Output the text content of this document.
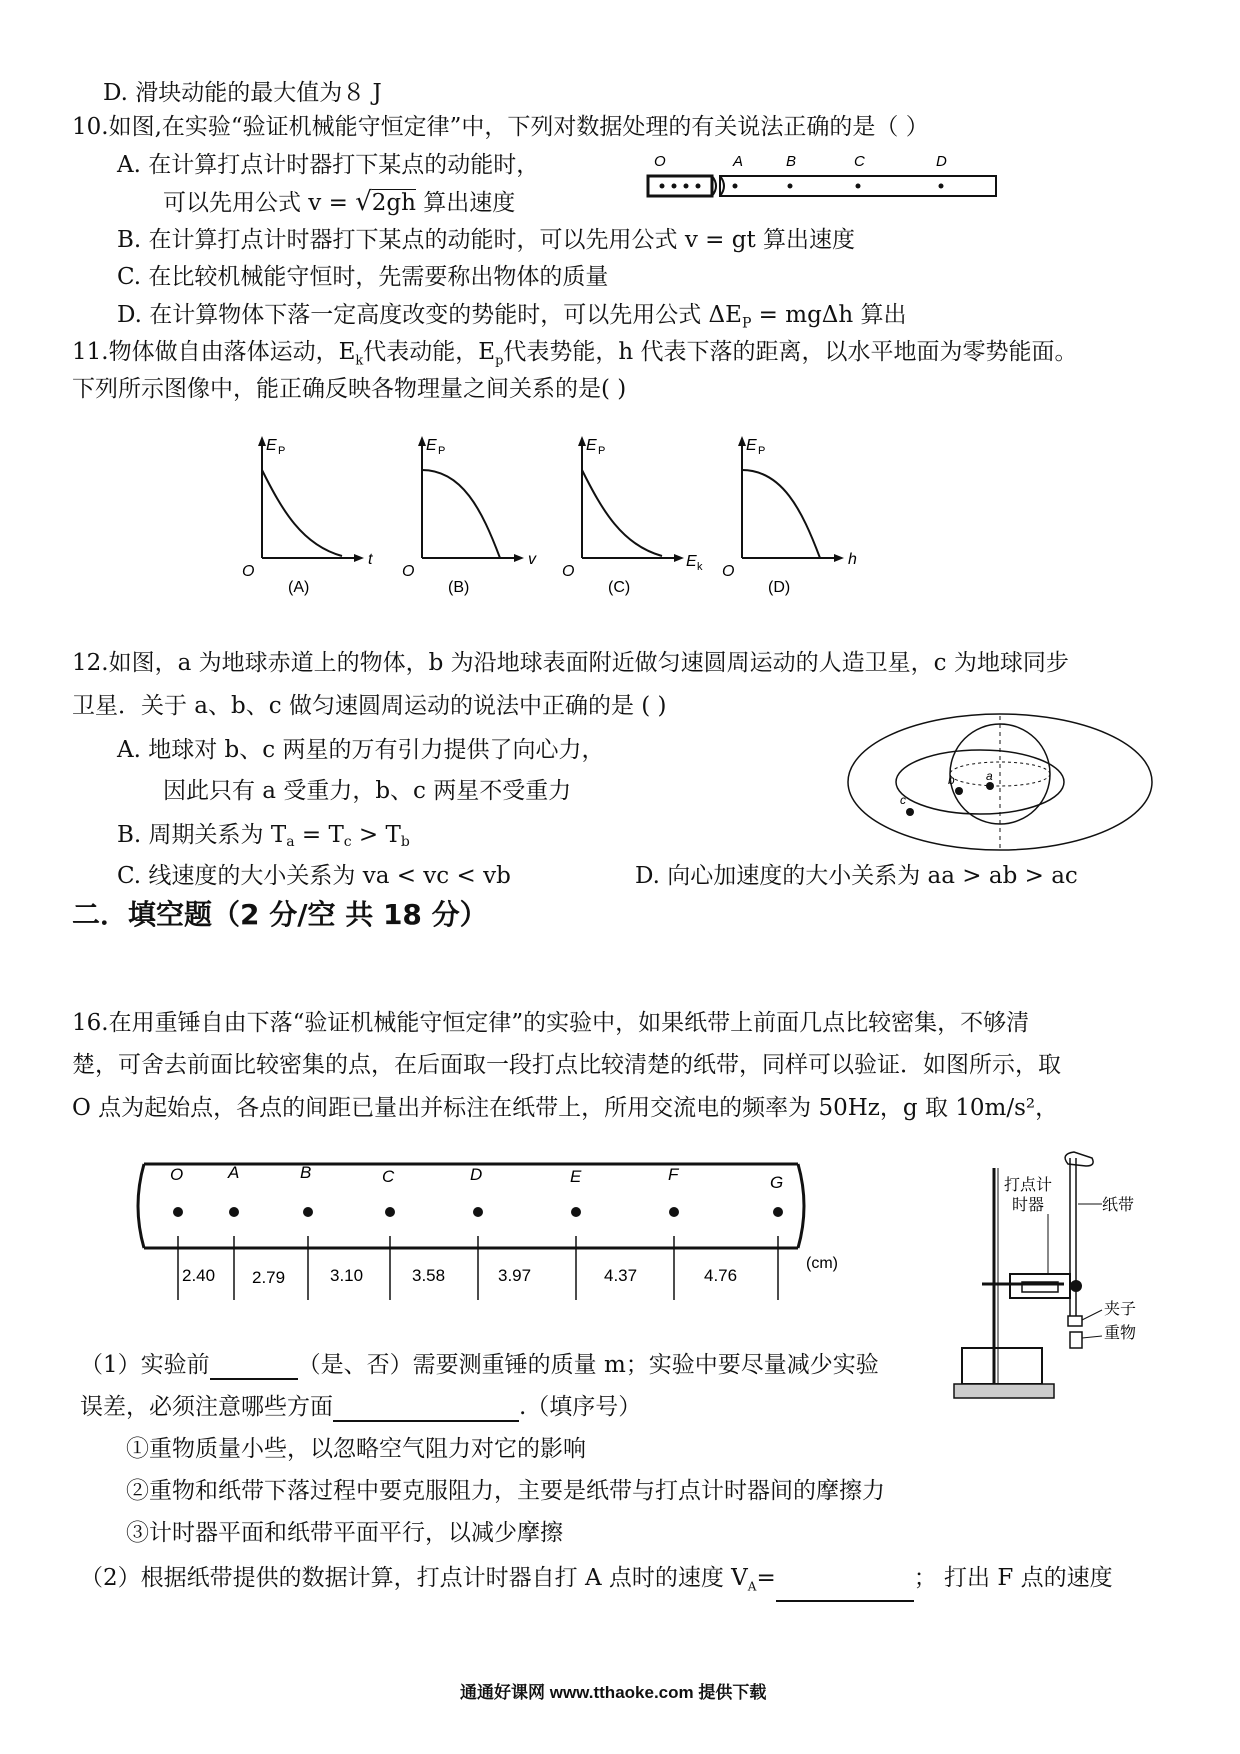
D. 滑块动能的最大值为８ J
10.如图,在实验“验证机械能守恒定律”中，下列对数据处理的有关说法正确的是（ ）
A. 在计算打点计时器打下某点的动能时，
可以先用公式 v = √2gh 算出速度
B. 在计算打点计时器打下某点的动能时，可以先用公式 v = gt 算出速度
C. 在比较机械能守恒时，先需要称出物体的质量
D. 在计算物体下落一定高度改变的势能时，可以先用公式 $\Delta E_P = mg\Delta h$ 算出
O	A	B	C	D
11.物体做自由落体运动，$E_k$代表动能，$E_p$代表势能，h 代表下落的距离，以水平地面为零势能面。
下列所示图像中，能正确反映各物理量之间关系的是( )
E P
O
t
(A)
E P
O
v
(B)
E P
O
E k
(C)
E P
O
h
(D)
12.如图，a 为地球赤道上的物体，b 为沿地球表面附近做匀速圆周运动的人造卫星，c 为地球同步
卫星．关于 a、b、c 做匀速圆周运动的说法中正确的是 ( )
A. 地球对 b、c 两星的万有引力提供了向心力，
因此只有 a 受重力，b、c 两星不受重力
B. 周期关系为 Ta = Tc > Tb
C. 线速度的大小关系为 va < vc < vb	D. 向心加速度的大小关系为 aa > ab > ac
a
b
c
二．填空题（2 分/空 共 18 分）
16.在用重锤自由下落“验证机械能守恒定律”的实验中，如果纸带上前面几点比较密集，不够清
楚，可舍去前面比较密集的点，在后面取一段打点比较清楚的纸带，同样可以验证．如图所示，取
O 点为起始点，各点的间距已量出并标注在纸带上，所用交流电的频率为 50Hz，g 取 10m/s²，
O	A	B	C	D	E	F	G
2.40 2.79	3.10	3.58	3.97	4.37	4.76
(cm)
打点计
时器	纸带
夹子
重物
（1）实验前	（是、否）需要测重锤的质量 m；实验中要尽量减少实验
误差，必须注意哪些方面	.（填序号）
①重物质量小些，以忽略空气阻力对它的影响
②重物和纸带下落过程中要克服阻力，主要是纸带与打点计时器间的摩擦力
③计时器平面和纸带平面平行，以减少摩擦
（2）根据纸带提供的数据计算，打点计时器自打 A 点时的速度 $V_A=$	； 打出 F 点的速度
通通好课网 www.tthaoke.com 提供下载
